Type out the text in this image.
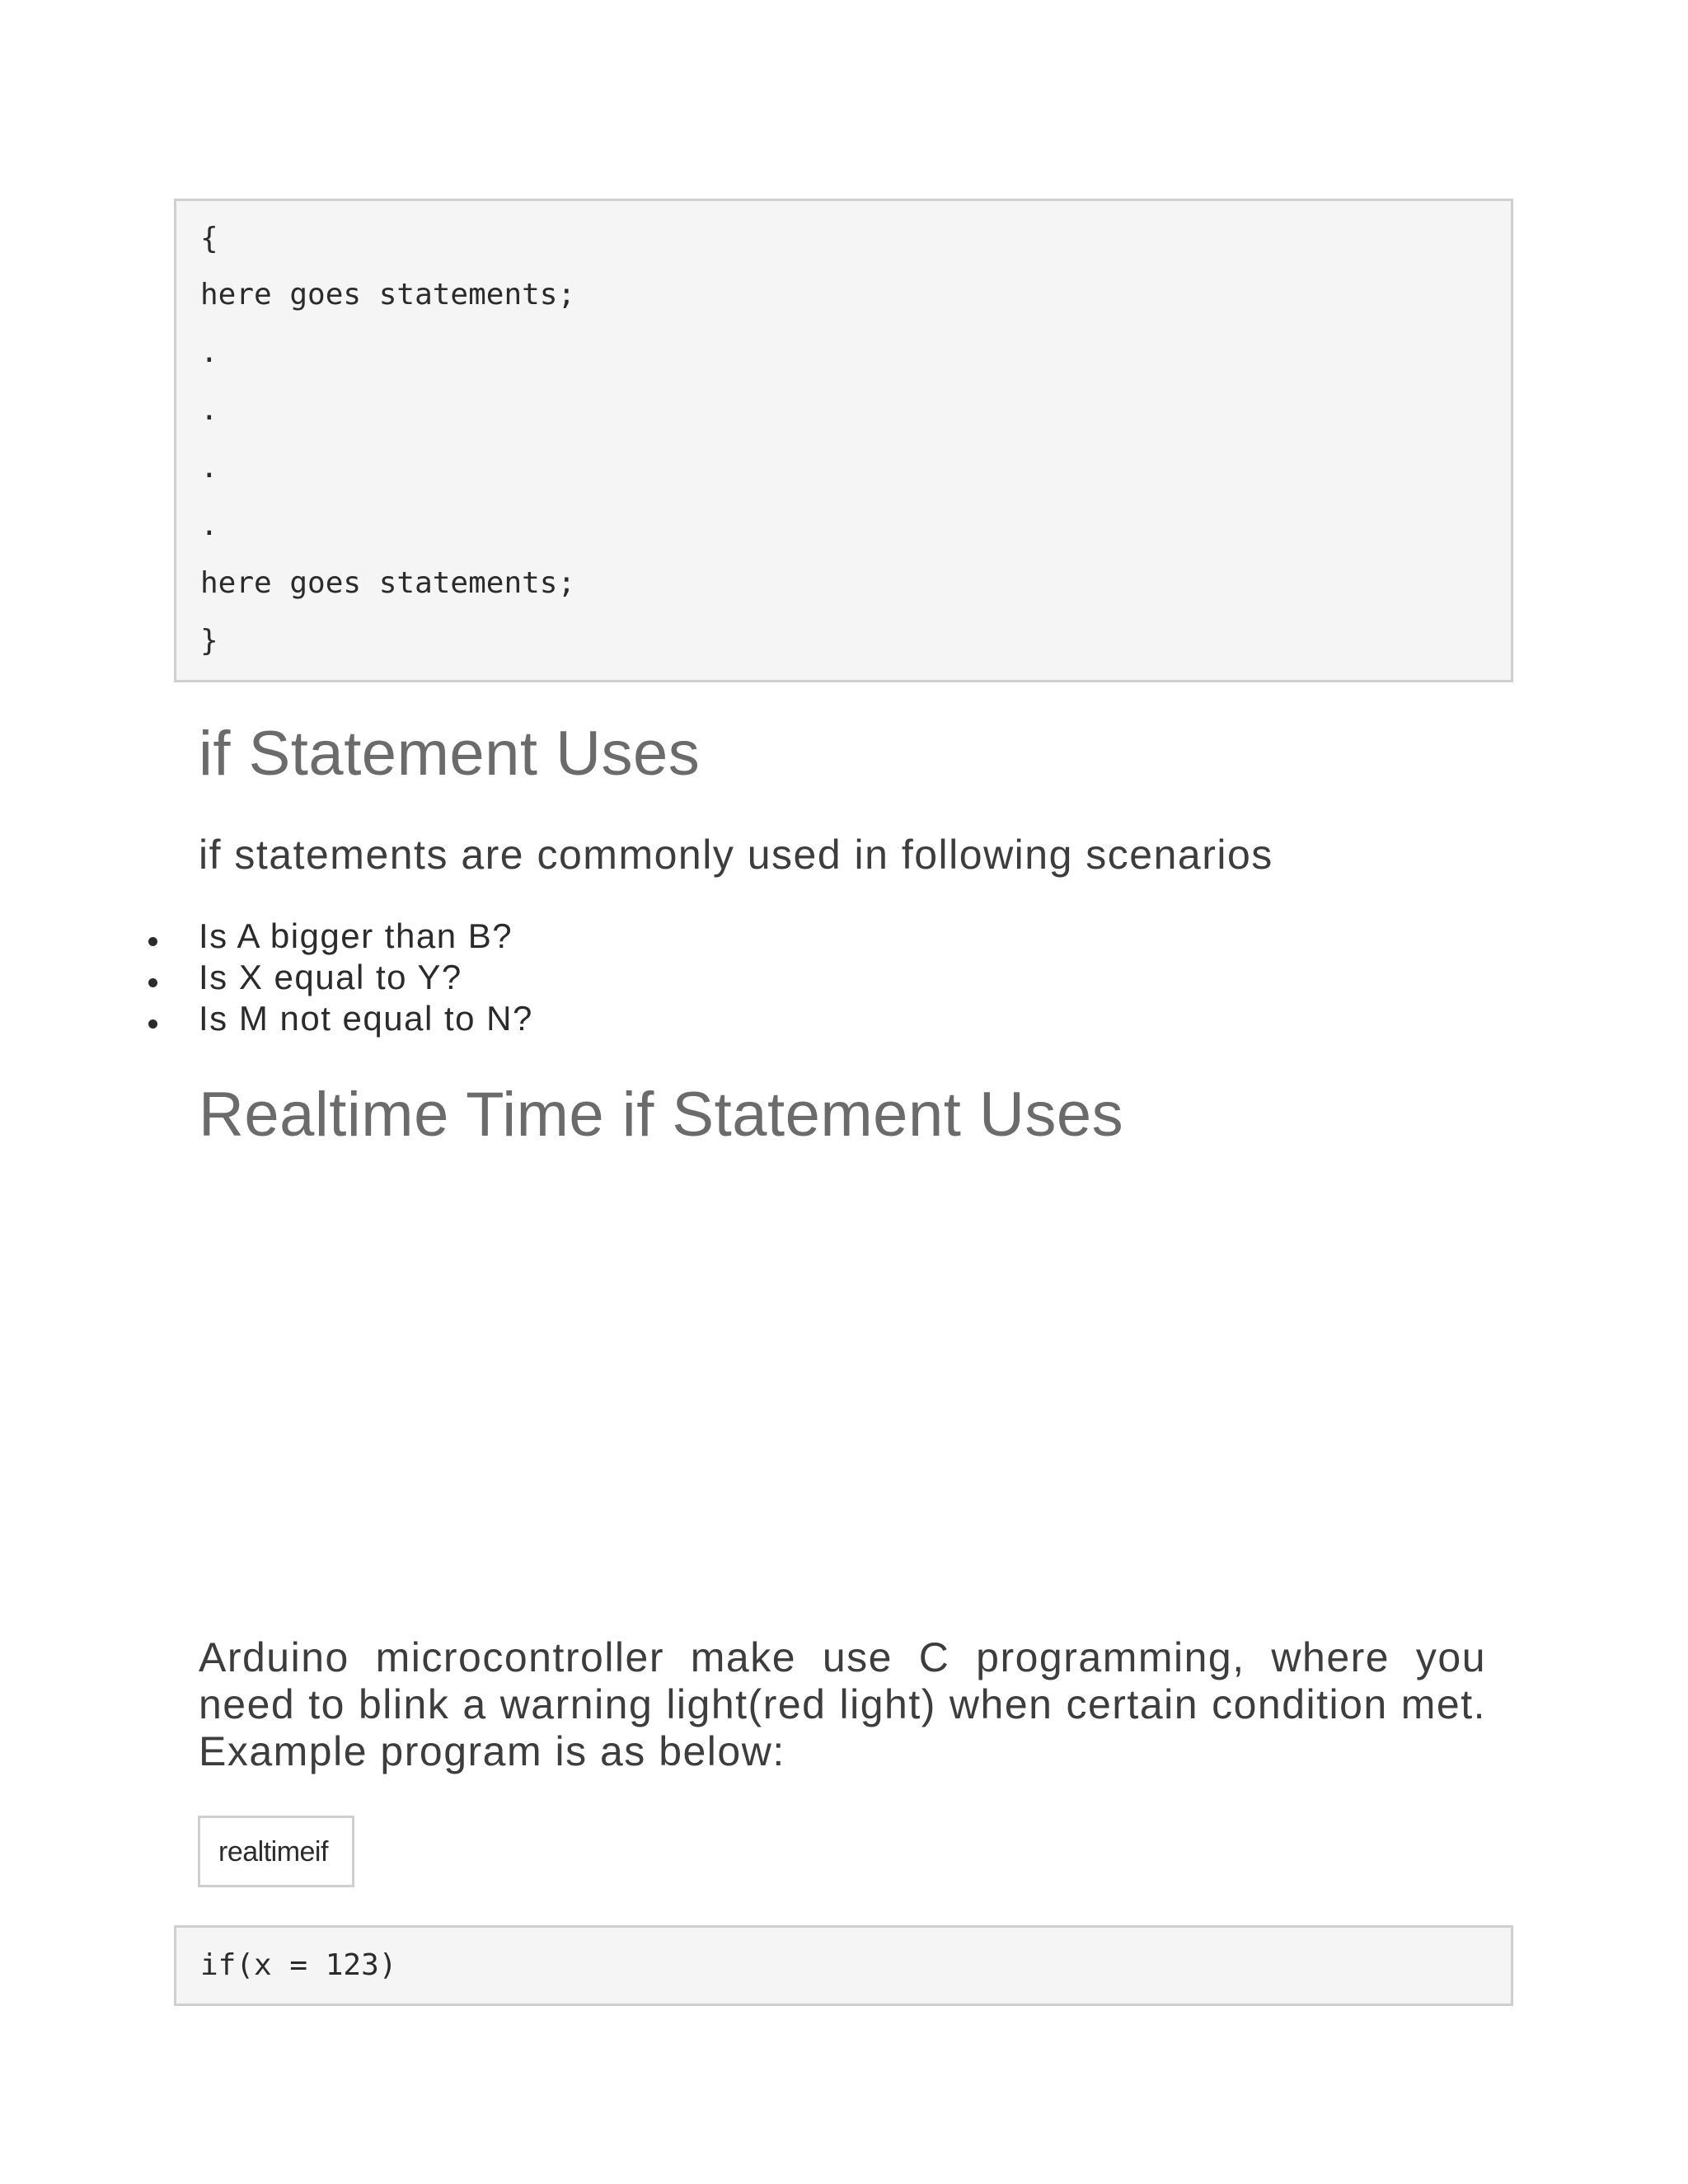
{
here goes statements;
.
.
.
.
here goes statements;
}
if Statement Uses
if statements are commonly used in following scenarios
Is A bigger than B?
Is X equal to Y?
Is M not equal to N?
Realtime Time if Statement Uses
Arduino microcontroller make use C programming, where you need to blink a warning light(red light) when certain condition met. Example program is as below:
realtimeif
if(x = 123)
